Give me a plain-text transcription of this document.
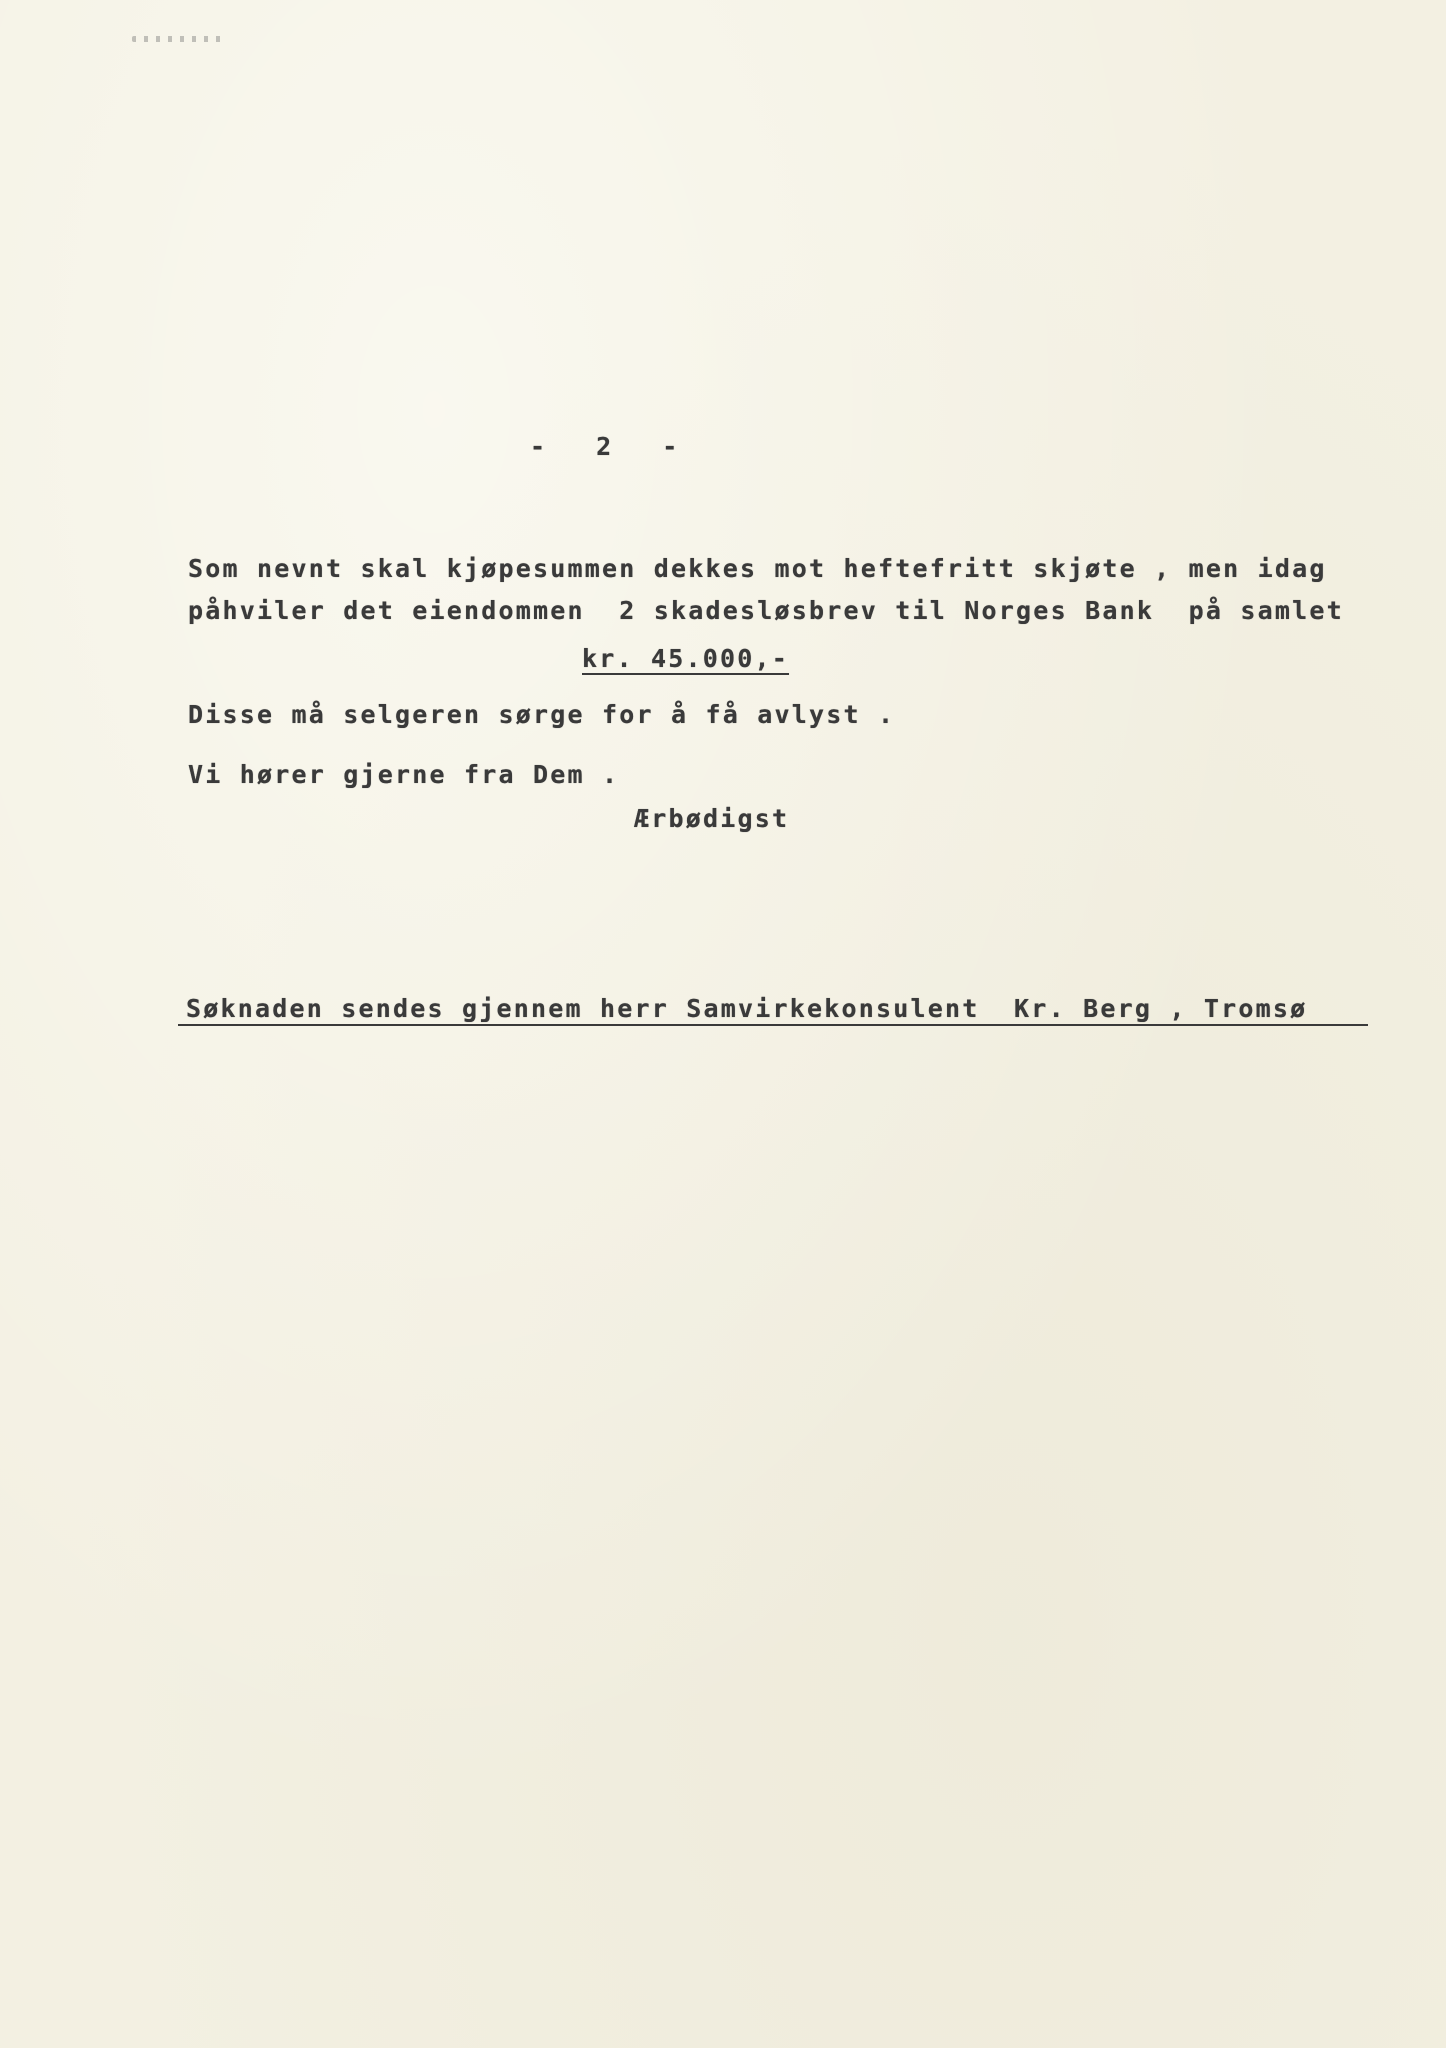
- 2 -
Som nevnt skal kjøpesummen dekkes mot heftefritt skjøte , men idag
påhviler det eiendommen  2 skadesløsbrev til Norges Bank  på samlet
kr. 45.000,-
Disse må selgeren sørge for å få avlyst .
Vi hører gjerne fra Dem .
Ærbødigst
Søknaden sendes gjennem herr Samvirkekonsulent  Kr. Berg , Tromsø
